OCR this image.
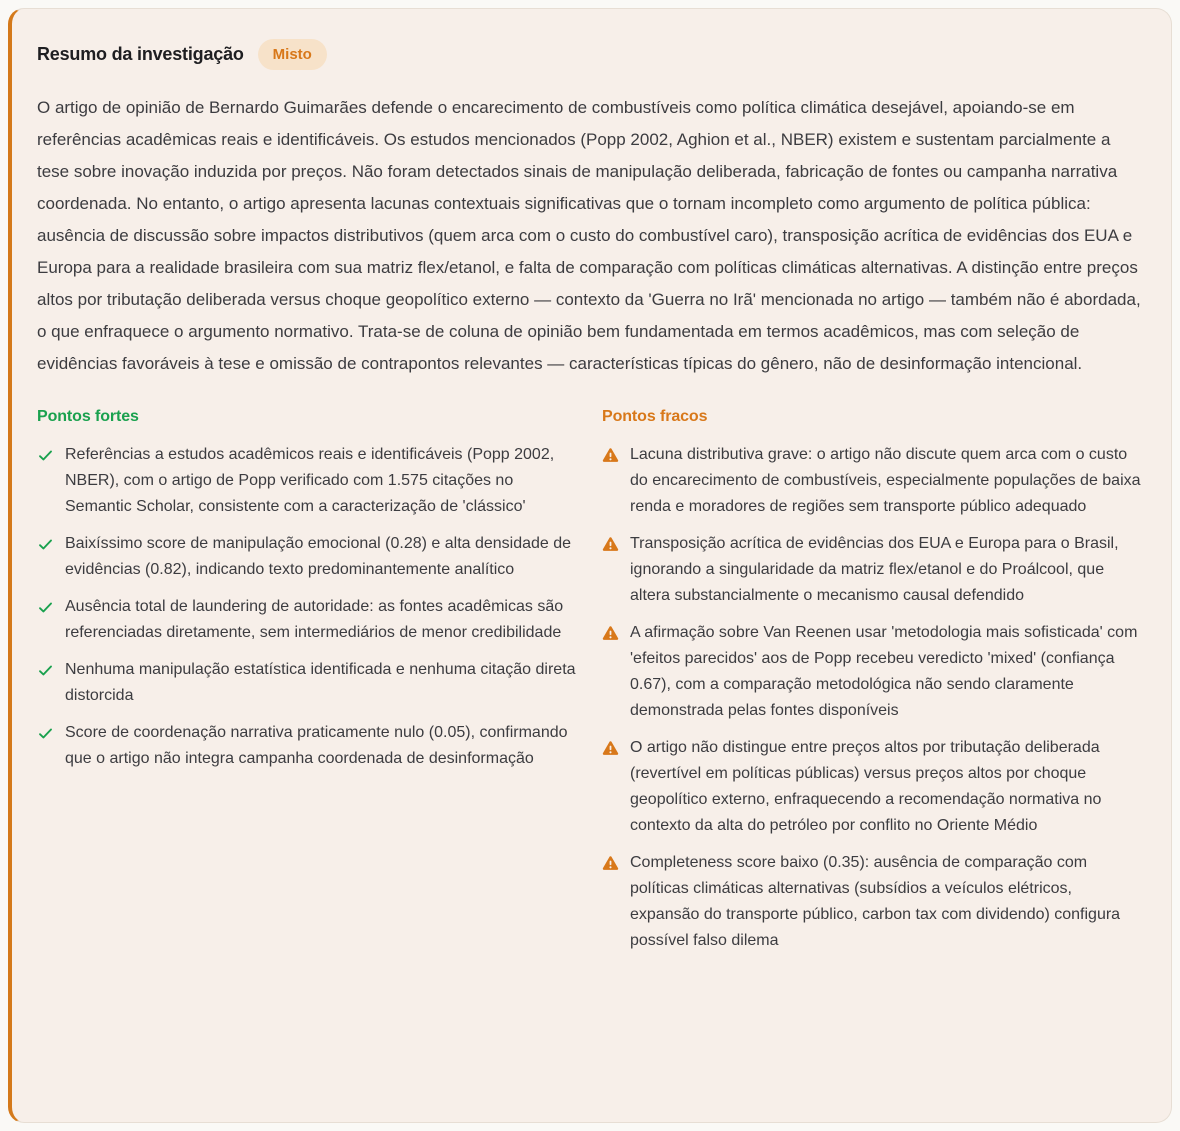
Resumo da investigação	Misto

O artigo de opinião de Bernardo Guimarães defende o encarecimento de combustíveis como política climática desejável, apoiando-se em referências acadêmicas reais e identificáveis. Os estudos mencionados (Popp 2002, Aghion et al., NBER) existem e sustentam parcialmente a tese sobre inovação induzida por preços. Não foram detectados sinais de manipulação deliberada, fabricação de fontes ou campanha narrativa coordenada. No entanto, o artigo apresenta lacunas contextuais significativas que o tornam incompleto como argumento de política pública: ausência de discussão sobre impactos distributivos (quem arca com o custo do combustível caro), transposição acrítica de evidências dos EUA e Europa para a realidade brasileira com sua matriz flex/etanol, e falta de comparação com políticas climáticas alternativas. A distinção entre preços altos por tributação deliberada versus choque geopolítico externo — contexto da 'Guerra no Irã' mencionada no artigo — também não é abordada, o que enfraquece o argumento normativo. Trata-se de coluna de opinião bem fundamentada em termos acadêmicos, mas com seleção de evidências favoráveis à tese e omissão de contrapontos relevantes — características típicas do gênero, não de desinformação intencional.

Pontos fortes
Referências a estudos acadêmicos reais e identificáveis (Popp 2002, NBER), com o artigo de Popp verificado com 1.575 citações no Semantic Scholar, consistente com a caracterização de 'clássico'
Baixíssimo score de manipulação emocional (0.28) e alta densidade de evidências (0.82), indicando texto predominantemente analítico
Ausência total de laundering de autoridade: as fontes acadêmicas são referenciadas diretamente, sem intermediários de menor credibilidade
Nenhuma manipulação estatística identificada e nenhuma citação direta distorcida
Score de coordenação narrativa praticamente nulo (0.05), confirmando que o artigo não integra campanha coordenada de desinformação
Pontos fracos
Lacuna distributiva grave: o artigo não discute quem arca com o custo do encarecimento de combustíveis, especialmente populações de baixa renda e moradores de regiões sem transporte público adequado
Transposição acrítica de evidências dos EUA e Europa para o Brasil, ignorando a singularidade da matriz flex/etanol e do Proálcool, que altera substancialmente o mecanismo causal defendido
A afirmação sobre Van Reenen usar 'metodologia mais sofisticada' com 'efeitos parecidos' aos de Popp recebeu veredicto 'mixed' (confiança 0.67), com a comparação metodológica não sendo claramente demonstrada pelas fontes disponíveis
O artigo não distingue entre preços altos por tributação deliberada (revertível em políticas públicas) versus preços altos por choque geopolítico externo, enfraquecendo a recomendação normativa no contexto da alta do petróleo por conflito no Oriente Médio
Completeness score baixo (0.35): ausência de comparação com políticas climáticas alternativas (subsídios a veículos elétricos, expansão do transporte público, carbon tax com dividendo) configura possível falso dilema
